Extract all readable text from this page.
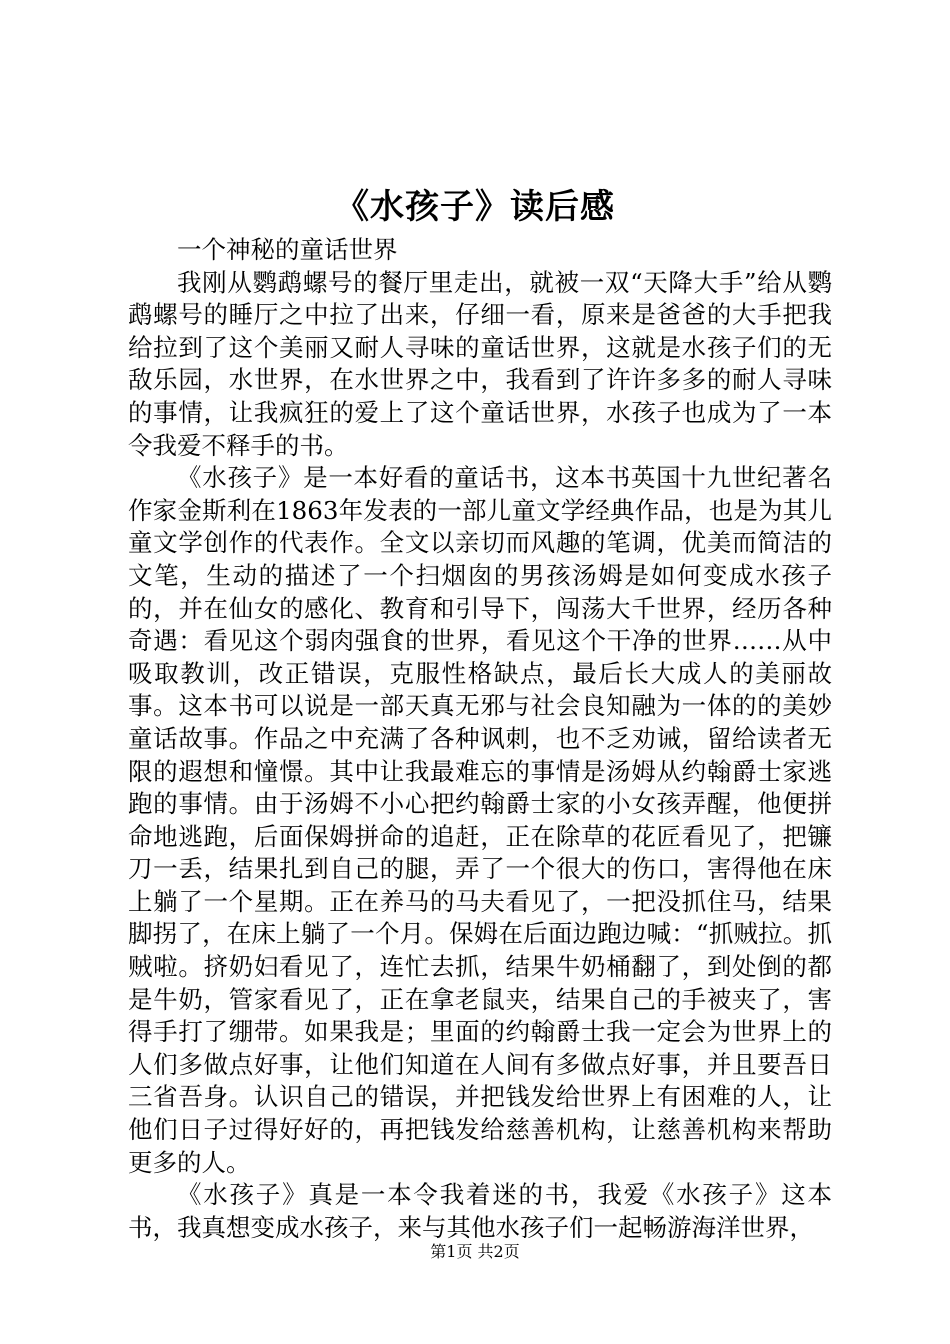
《水孩子》读后感

一个神秘的童话世界

我刚从鹦鹉螺号的餐厅里走出，就被一双“天降大手”给从鹦鹉螺号的睡厅之中拉了出来，仔细一看，原来是爸爸的大手把我给拉到了这个美丽又耐人寻味的童话世界，这就是水孩子们的无敌乐园，水世界，在水世界之中，我看到了许许多多的耐人寻味的事情，让我疯狂的爱上了这个童话世界，水孩子也成为了一本令我爱不释手的书。

《水孩子》是一本好看的童话书，这本书英国十九世纪著名作家金斯利在1863年发表的一部儿童文学经典作品，也是为其儿童文学创作的代表作。全文以亲切而风趣的笔调，优美而简洁的文笔，生动的描述了一个扫烟囱的男孩汤姆是如何变成水孩子的，并在仙女的感化、教育和引导下，闯荡大千世界，经历各种奇遇：看见这个弱肉强食的世界，看见这个干净的世界……从中吸取教训，改正错误，克服性格缺点，最后长大成人的美丽故事。这本书可以说是一部天真无邪与社会良知融为一体的的美妙童话故事。作品之中充满了各种讽刺，也不乏劝诫，留给读者无限的遐想和憧憬。其中让我最难忘的事情是汤姆从约翰爵士家逃跑的事情。由于汤姆不小心把约翰爵士家的小女孩弄醒，他便拼命地逃跑，后面保姆拼命的追赶，正在除草的花匠看见了，把镰刀一丢，结果扎到自己的腿，弄了一个很大的伤口，害得他在床上躺了一个星期。正在养马的马夫看见了，一把没抓住马，结果脚拐了，在床上躺了一个月。保姆在后面边跑边喊：“抓贼拉。抓贼啦。挤奶妇看见了，连忙去抓，结果牛奶桶翻了，到处倒的都是牛奶，管家看见了，正在拿老鼠夹，结果自己的手被夹了，害得手打了绷带。如果我是；里面的约翰爵士我一定会为世界上的人们多做点好事，让他们知道在人间有多做点好事，并且要吾日三省吾身。认识自己的错误，并把钱发给世界上有困难的人，让他们日子过得好好的，再把钱发给慈善机构，让慈善机构来帮助更多的人。

《水孩子》真是一本令我着迷的书，我爱《水孩子》这本书，我真想变成水孩子，来与其他水孩子们一起畅游海洋世界，

第1页 共2页
